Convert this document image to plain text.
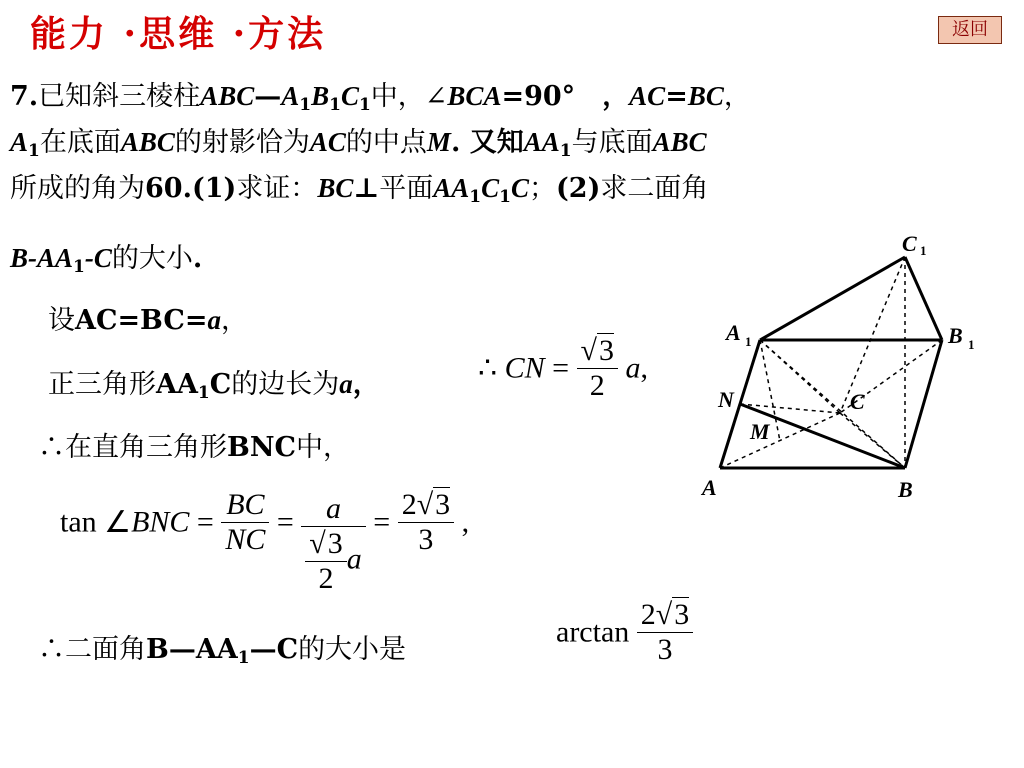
能力 ·思维 ·方法	返回
7.已知斜三棱柱$ABC—A_1B_1C_1$中，∠BCA=90°　，AC=BC，
$A_1$在底面ABC的射影恰为AC的中点M. 又知$AA_1$与底面ABC
所成的角为60.(1)求证：BC⊥平面$AA_1C_1C$；(2)求二面角
$B-AA_1-C$的大小.
设AC=BC=a，
正三角形$AA_1C$的边长为a，	∴ CN = $\frac{√3}{2} a$,
∴在直角三角形BNC中，
tan ∠BNC = $\frac{BC}{NC} = \frac{a}{\frac{√3}{2} a} = \frac{2√3}{3}$ ,
∴二面角$B—AA_1—C$的大小是
$\arctan \frac{2√3}{3}$
A	B
C
A 1	B 1
C 1
N
M
